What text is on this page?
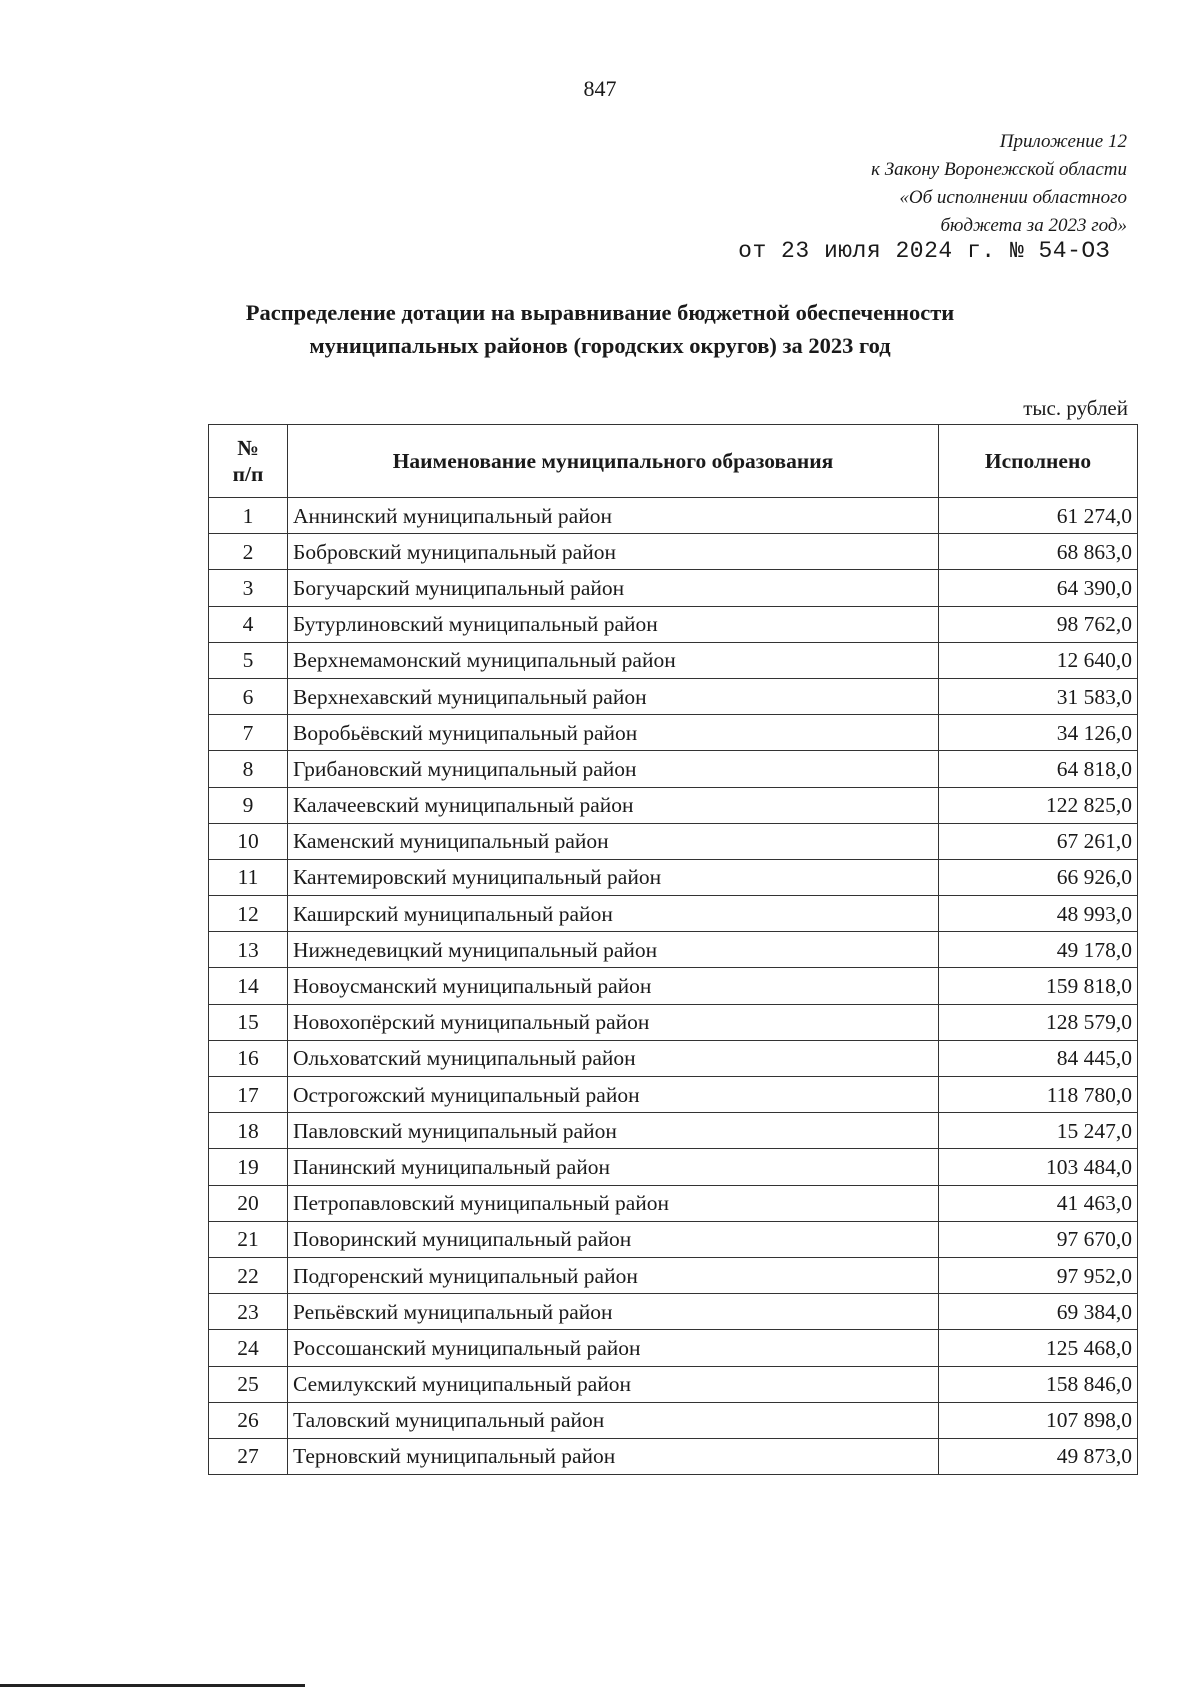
847
Приложение 12
к Закону Воронежской области
«Об исполнении областного
бюджета за 2023 год»
от 23 июля 2024 г. № 54-ОЗ
Распределение дотации на выравнивание бюджетной обеспеченности
муниципальных районов (городских округов) за 2023 год
тыс. рублей
№
п/п	Наименование муниципального образования	Исполнено
1	Аннинский муниципальный район	61 274,0
2	Бобровский муниципальный район	68 863,0
3	Богучарский муниципальный район	64 390,0
4	Бутурлиновский муниципальный район	98 762,0
5	Верхнемамонский муниципальный район	12 640,0
6	Верхнехавский муниципальный район	31 583,0
7	Воробьёвский муниципальный район	34 126,0
8	Грибановский муниципальный район	64 818,0
9	Калачеевский муниципальный район	122 825,0
10	Каменский муниципальный район	67 261,0
11	Кантемировский муниципальный район	66 926,0
12	Каширский муниципальный район	48 993,0
13	Нижнедевицкий муниципальный район	49 178,0
14	Новоусманский муниципальный район	159 818,0
15	Новохопёрский муниципальный район	128 579,0
16	Ольховатский муниципальный район	84 445,0
17	Острогожский муниципальный район	118 780,0
18	Павловский муниципальный район	15 247,0
19	Панинский муниципальный район	103 484,0
20	Петропавловский муниципальный район	41 463,0
21	Поворинский муниципальный район	97 670,0
22	Подгоренский муниципальный район	97 952,0
23	Репьёвский муниципальный район	69 384,0
24	Россошанский муниципальный район	125 468,0
25	Семилукский муниципальный район	158 846,0
26	Таловский муниципальный район	107 898,0
27	Терновский муниципальный район	49 873,0
